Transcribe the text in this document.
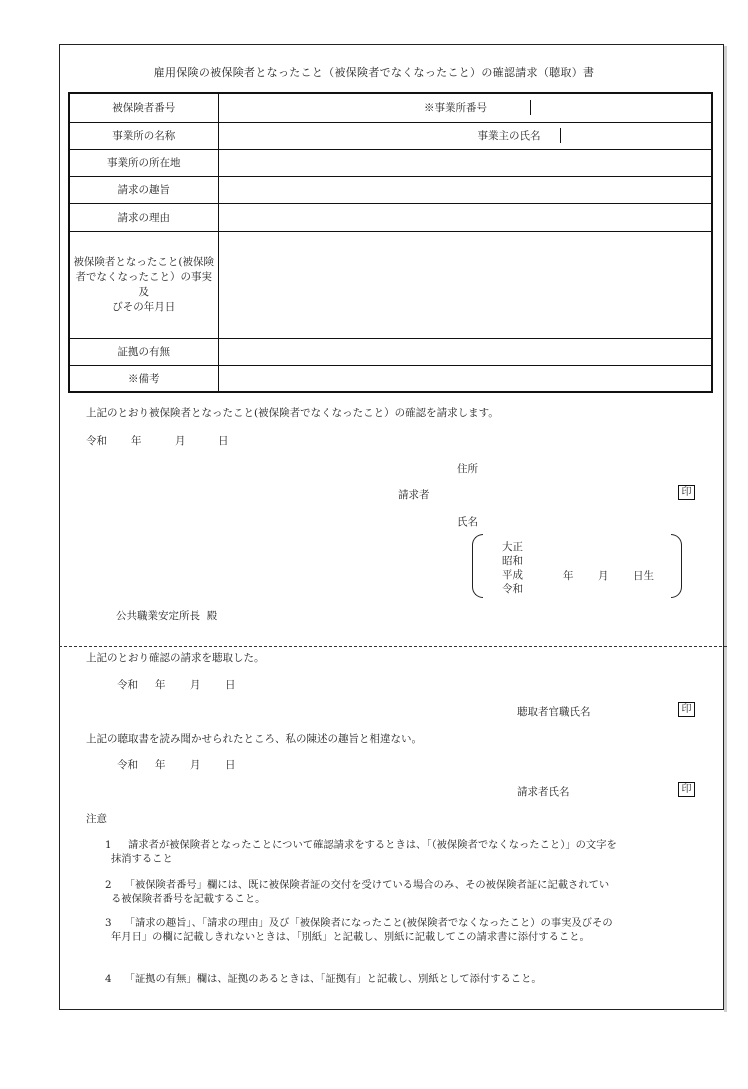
雇用保険の被保険者となったこと（被保険者でなくなったこと）の確認請求（聴取）書
被保険者番号	※事業所番号

事業所の名称	事業主の氏名

事業所の所在地	
請求の趣旨	
請求の理由	
被保険者となったこと(被保険
者でなくなったこと）の事実及
びその年月日	
証拠の有無	
※備考	
上記のとおり被保険者となったこと(被保険者でなくなったこと）の確認を請求します。
令和 年	月	日
住所
請求者	印
氏名
大正
昭和
平成
令和
年 月 日生
公共職業安定所長 殿
上記のとおり確認の請求を聴取した。
令和 年 月 日
聴取者官職氏名	印
上記の聴取書を読み聞かせられたところ、私の陳述の趣旨と相違ない。
令和 年 月 日
請求者氏名	印
注意
1 請求者が被保険者となったことについて確認請求をするときは、「（被保険者でなくなったこと）」の文字を
抹消すること
2 「被保険者番号」欄には、既に被保険者証の交付を受けている場合のみ、その被保険者証に記載されてい
る被保険者番号を記載すること。
3 「請求の趣旨」、「請求の理由」及び「被保険者になったこと(被保険者でなくなったこと）の事実及びその
年月日」の欄に記載しきれないときは、「別紙」と記載し、別紙に記載してこの請求書に添付すること。
4 「証拠の有無」欄は、証拠のあるときは、「証拠有」と記載し、別紙として添付すること。
